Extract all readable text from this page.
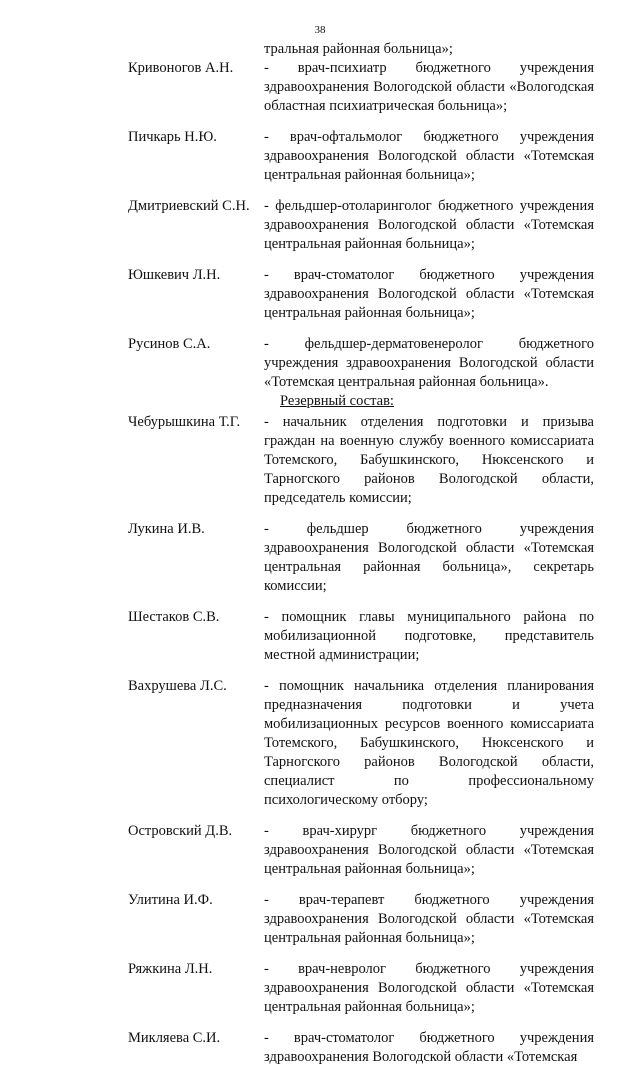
38
тральная районная больница»;
Кривоногов А.Н.	- врач-психиатр бюджетного учреждения здравоохранения Вологодской области «Вологодская областная психиатрическая больница»;
Пичкарь Н.Ю.	- врач-офтальмолог бюджетного учреждения здравоохранения Вологодской области «Тотемская центральная районная больница»;
Дмитриевский С.Н. - фельдшер-отоларинголог бюджетного учреждения здравоохранения Вологодской области «Тотемская центральная районная больница»;
Юшкевич Л.Н.	- врач-стоматолог бюджетного учреждения здравоохранения Вологодской области «Тотемская центральная районная больница»;
Русинов С.А.	- фельдшер-дерматовенеролог бюджетного учреждения здравоохранения Вологодской области «Тотемская центральная районная больница».
Резервный состав:
Чебурышкина Т.Г.	- начальник отделения подготовки и призыва граждан на военную службу военного комиссариата Тотемского, Бабушкинского, Нюксенского и Тарногского районов Вологодской области, председатель комиссии;
Лукина И.В.	- фельдшер бюджетного учреждения здравоохранения Вологодской области «Тотемская центральная районная больница», секретарь комиссии;
Шестаков С.В.	- помощник главы муниципального района по мобилизационной подготовке, представитель местной администрации;
Вахрушева Л.С.	- помощник начальника отделения планирования предназначения подготовки и учета мобилизационных ресурсов военного комиссариата Тотемского, Бабушкинского, Нюксенского и Тарногского районов Вологодской области, специалист по профессиональному психологическому отбору;
Островский Д.В.	- врач-хирург бюджетного учреждения здравоохранения Вологодской области «Тотемская центральная районная больница»;
Улитина И.Ф.	- врач-терапевт бюджетного учреждения здравоохранения Вологодской области «Тотемская центральная районная больница»;
Ряжкина Л.Н.	- врач-невролог бюджетного учреждения здравоохранения Вологодской области «Тотемская центральная районная больница»;
Микляева С.И.	- врач-стоматолог бюджетного учреждения здравоохранения Вологодской области «Тотемская
